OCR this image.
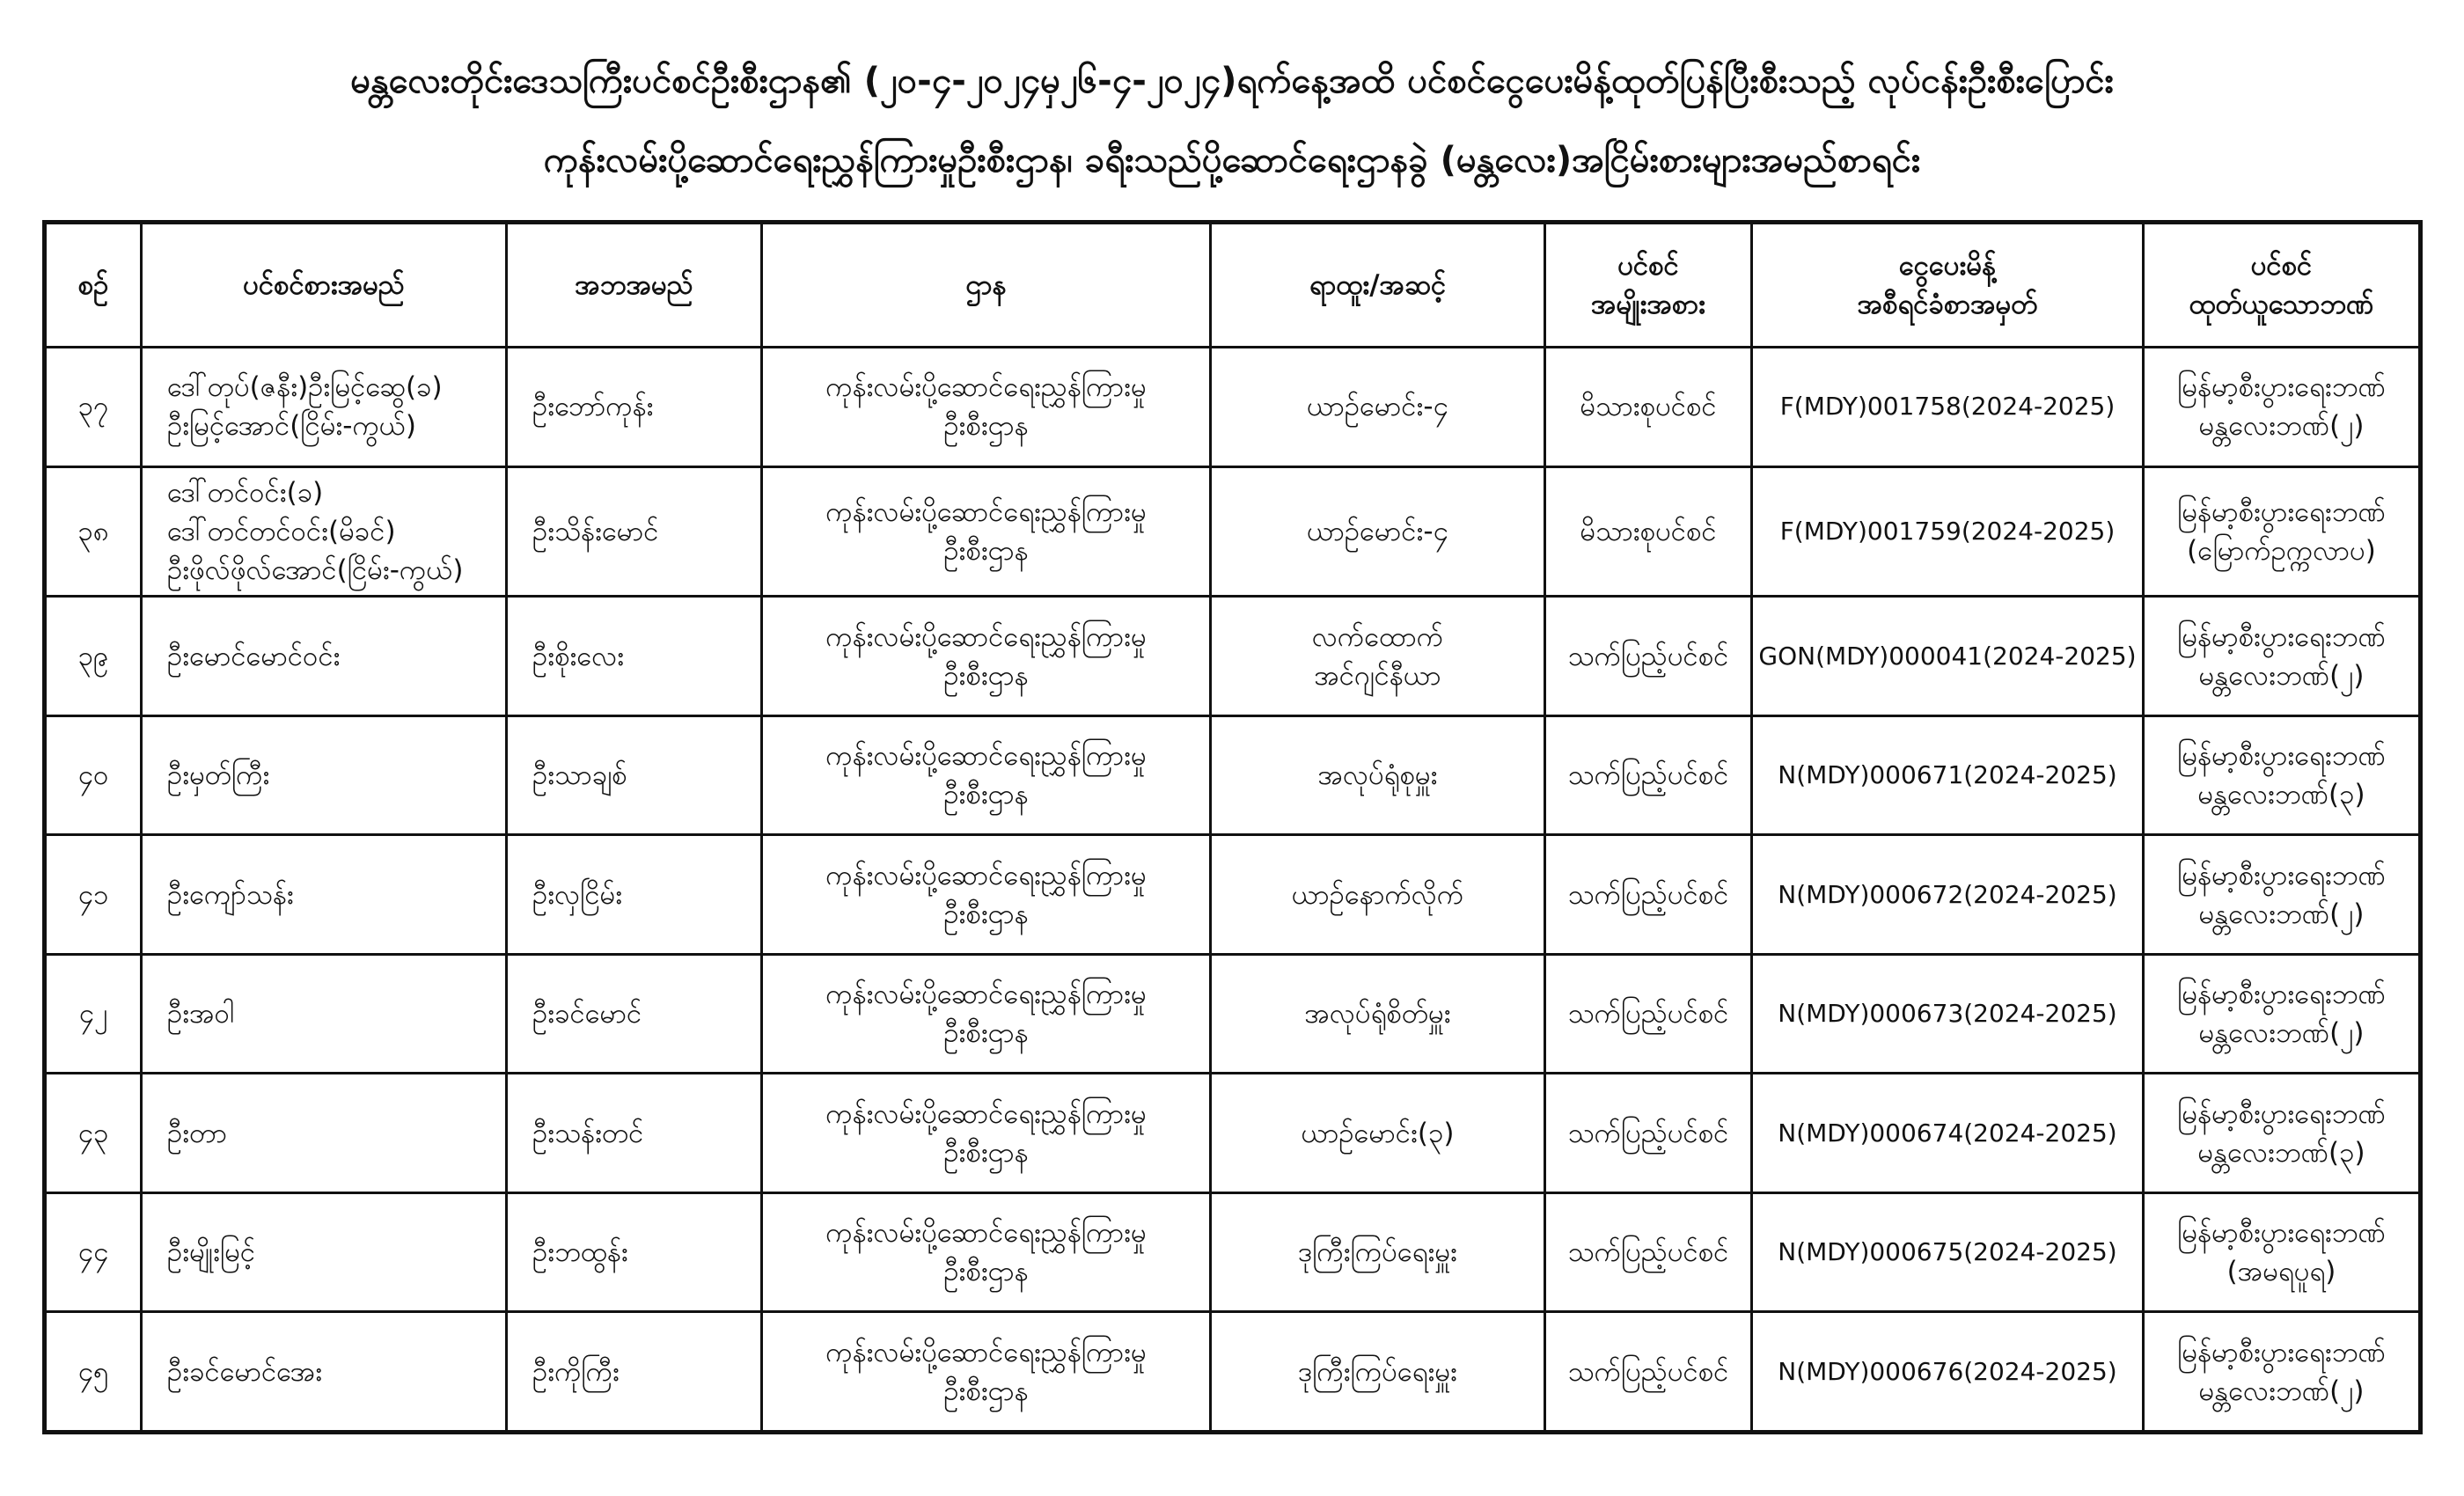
မန္တလေးတိုင်းဒေသကြီးပင်စင်ဦးစီးဌာန၏ (၂၀-၄-၂၀၂၄မှ၂၆-၄-၂၀၂၄)ရက်နေ့အထိ ပင်စင်ငွေပေးမိန့်ထုတ်ပြန်ပြီးစီးသည့် လုပ်ငန်းဦးစီးပြောင်း
ကုန်းလမ်းပို့ဆောင်ရေးညွှန်ကြားမှုဦးစီးဌာန၊ ခရီးသည်ပို့ဆောင်ရေးဌာနခွဲ (မန္တလေး)အငြိမ်းစားများအမည်စာရင်း
စဉ်	ပင်စင်စားအမည်	အဘအမည်	ဌာန	ရာထူး/အဆင့်	ပင်စင်
အမျိုးအစား	ငွေပေးမိန့်
အစီရင်ခံစာအမှတ်	ပင်စင်
ထုတ်ယူသောဘဏ်

၃၇	ဒေါ်တုပ်(ဇနီး)ဦးမြင့်ဆွေ(ခ)
ဦးမြင့်အောင်(ငြိမ်း-ကွယ်)	ဦးဘော်ကုန်း	ကုန်းလမ်းပို့ဆောင်ရေးညွှန်ကြားမှု
ဦးစီးဌာန	ယာဉ်မောင်း-၄	မိသားစုပင်စင်	F(MDY)001758(2024-2025)	မြန်မာ့စီးပွားရေးဘဏ်
မန္တလေးဘဏ်(၂)

၃၈	ဒေါ်တင်ဝင်း(ခ)
ဒေါ်တင်တင်ဝင်း(မိခင်)
ဦးဖိုလ်ဖိုလ်အောင်(ငြိမ်း-ကွယ်)	ဦးသိန်းမောင်	ကုန်းလမ်းပို့ဆောင်ရေးညွှန်ကြားမှု
ဦးစီးဌာန	ယာဉ်မောင်း-၄	မိသားစုပင်စင်	F(MDY)001759(2024-2025)	မြန်မာ့စီးပွားရေးဘဏ်
(မြောက်ဥက္ကလာပ)

၃၉	ဦးမောင်မောင်ဝင်း	ဦးစိုးလေး	ကုန်းလမ်းပို့ဆောင်ရေးညွှန်ကြားမှု
ဦးစီးဌာန	လက်ထောက်
အင်ဂျင်နီယာ	သက်ပြည့်ပင်စင်	GON(MDY)000041(2024-2025)	မြန်မာ့စီးပွားရေးဘဏ်
မန္တလေးဘဏ်(၂)

၄၀	ဦးမှတ်ကြီး	ဦးသာချစ်	ကုန်းလမ်းပို့ဆောင်ရေးညွှန်ကြားမှု
ဦးစီးဌာန	အလုပ်ရုံစုမှူး	သက်ပြည့်ပင်စင်	N(MDY)000671(2024-2025)	မြန်မာ့စီးပွားရေးဘဏ်
မန္တလေးဘဏ်(၃)

၄၁	ဦးကျော်သန်း	ဦးလှငြိမ်း	ကုန်းလမ်းပို့ဆောင်ရေးညွှန်ကြားမှု
ဦးစီးဌာန	ယာဉ်နောက်လိုက်	သက်ပြည့်ပင်စင်	N(MDY)000672(2024-2025)	မြန်မာ့စီးပွားရေးဘဏ်
မန္တလေးဘဏ်(၂)

၄၂	ဦးအဝါ	ဦးခင်မောင်	ကုန်းလမ်းပို့ဆောင်ရေးညွှန်ကြားမှု
ဦးစီးဌာန	အလုပ်ရုံစိတ်မှူး	သက်ပြည့်ပင်စင်	N(MDY)000673(2024-2025)	မြန်မာ့စီးပွားရေးဘဏ်
မန္တလေးဘဏ်(၂)

၄၃	ဦးတာ	ဦးသန်းတင်	ကုန်းလမ်းပို့ဆောင်ရေးညွှန်ကြားမှု
ဦးစီးဌာန	ယာဉ်မောင်း(၃)	သက်ပြည့်ပင်စင်	N(MDY)000674(2024-2025)	မြန်မာ့စီးပွားရေးဘဏ်
မန္တလေးဘဏ်(၃)

၄၄	ဦးမျိုးမြင့်	ဦးဘထွန်း	ကုန်းလမ်းပို့ဆောင်ရေးညွှန်ကြားမှု
ဦးစီးဌာန	ဒုကြီးကြပ်ရေးမှူး	သက်ပြည့်ပင်စင်	N(MDY)000675(2024-2025)	မြန်မာ့စီးပွားရေးဘဏ်
(အမရပူရ)

၄၅	ဦးခင်မောင်အေး	ဦးကိုကြီး	ကုန်းလမ်းပို့ဆောင်ရေးညွှန်ကြားမှု
ဦးစီးဌာန	ဒုကြီးကြပ်ရေးမှူး	သက်ပြည့်ပင်စင်	N(MDY)000676(2024-2025)	မြန်မာ့စီးပွားရေးဘဏ်
မန္တလေးဘဏ်(၂)
